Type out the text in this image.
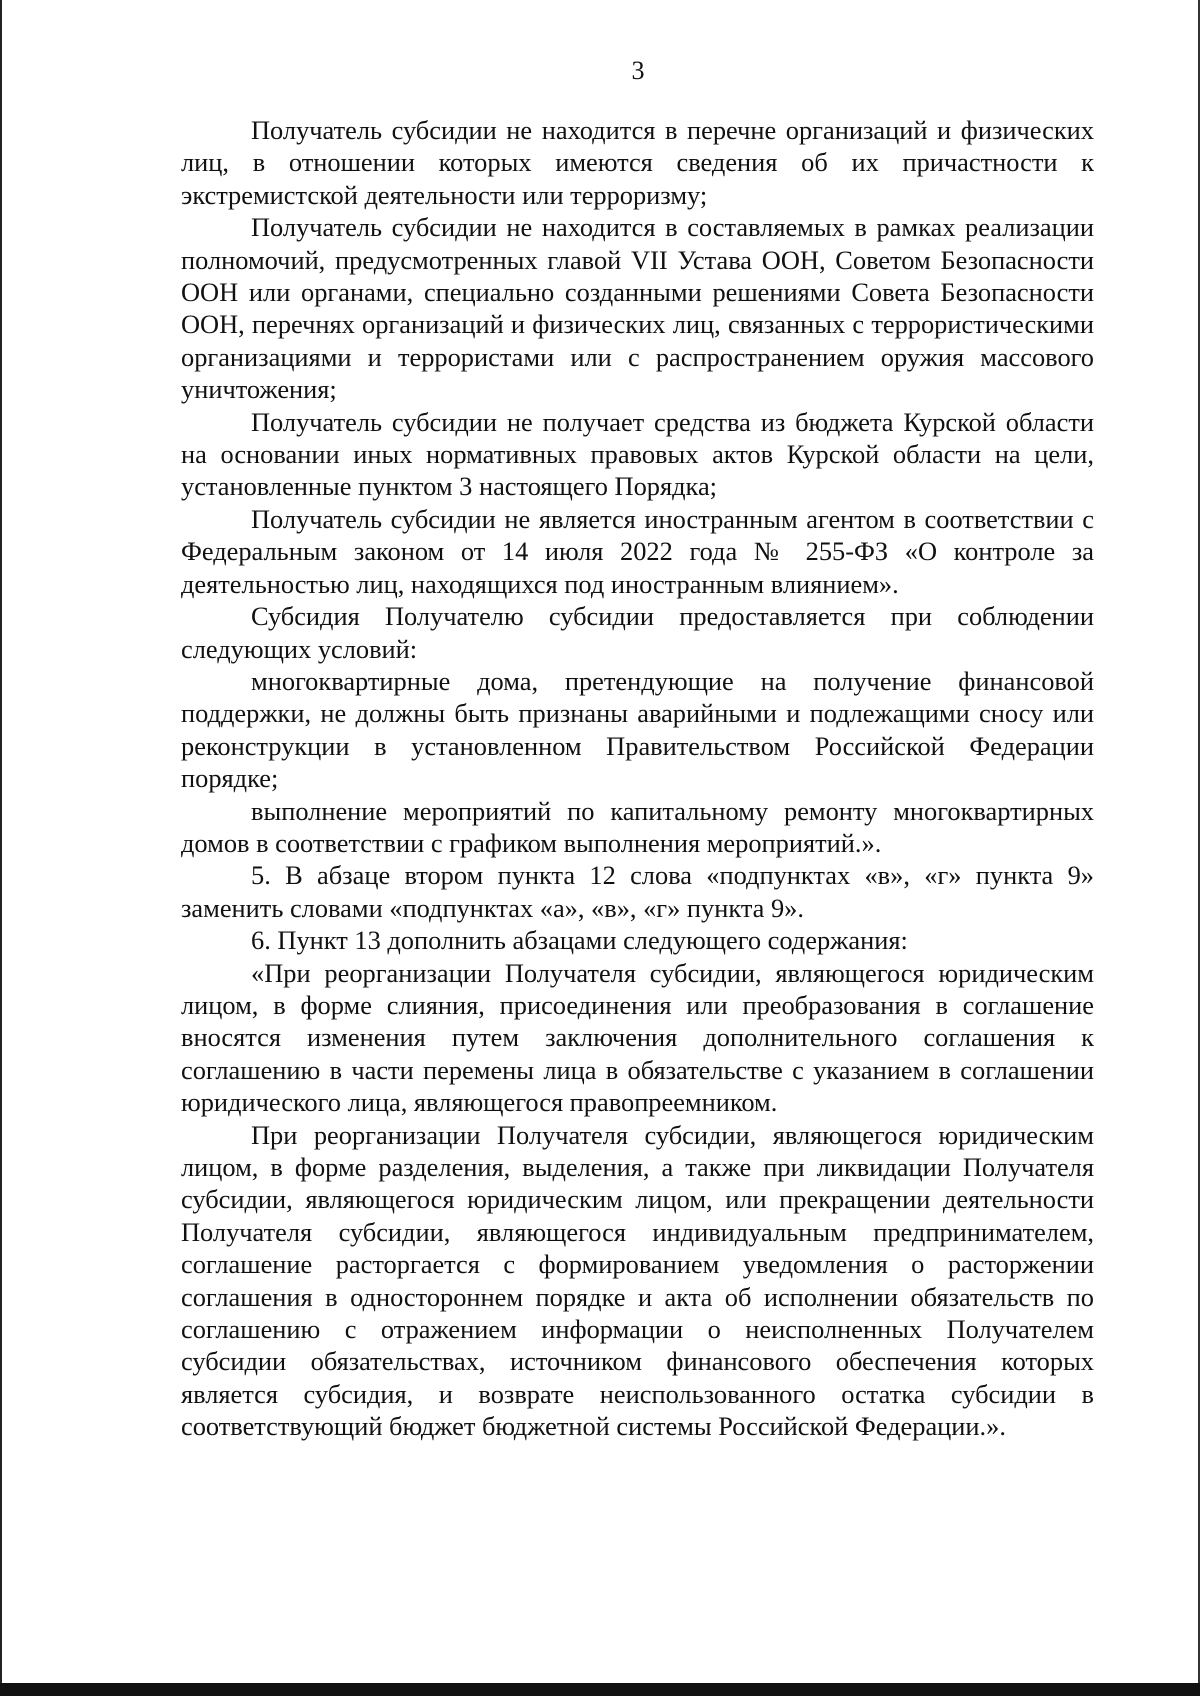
3

Получатель субсидии не находится в перечне организаций и физических лиц, в отношении которых имеются сведения об их причастности к экстремистской деятельности или терроризму;

Получатель субсидии не находится в составляемых в рамках реализации полномочий, предусмотренных главой VII Устава ООН, Советом Безопасности ООН или органами, специально созданными решениями Совета Безопасности ООН, перечнях организаций и физических лиц, связанных с террористическими организациями и террористами или с распространением оружия массового уничтожения;

Получатель субсидии не получает средства из бюджета Курской области на основании иных нормативных правовых актов Курской области на цели, установленные пунктом 3 настоящего Порядка;

Получатель субсидии не является иностранным агентом в соответствии с Федеральным законом от 14 июля 2022 года № 255-ФЗ «О контроле за деятельностью лиц, находящихся под иностранным влиянием».

Субсидия Получателю субсидии предоставляется при соблюдении следующих условий:

многоквартирные дома, претендующие на получение финансовой поддержки, не должны быть признаны аварийными и подлежащими сносу или реконструкции в установленном Правительством Российской Федерации порядке;

выполнение мероприятий по капитальному ремонту многоквартирных домов в соответствии с графиком выполнения мероприятий.».

5. В абзаце втором пункта 12 слова «подпунктах «в», «г» пункта 9» заменить словами «подпунктах «а», «в», «г» пункта 9».

6. Пункт 13 дополнить абзацами следующего содержания:

«При реорганизации Получателя субсидии, являющегося юридическим лицом, в форме слияния, присоединения или преобразования в соглашение вносятся изменения путем заключения дополнительного соглашения к соглашению в части перемены лица в обязательстве с указанием в соглашении юридического лица, являющегося правопреемником.

При реорганизации Получателя субсидии, являющегося юридическим лицом, в форме разделения, выделения, а также при ликвидации Получателя субсидии, являющегося юридическим лицом, или прекращении деятельности Получателя субсидии, являющегося индивидуальным предпринимателем, соглашение расторгается с формированием уведомления о расторжении соглашения в одностороннем порядке и акта об исполнении обязательств по соглашению с отражением информации о неисполненных Получателем субсидии обязательствах, источником финансового обеспечения которых является субсидия, и возврате неиспользованного остатка субсидии в соответствующий бюджет бюджетной системы Российской Федерации.».
